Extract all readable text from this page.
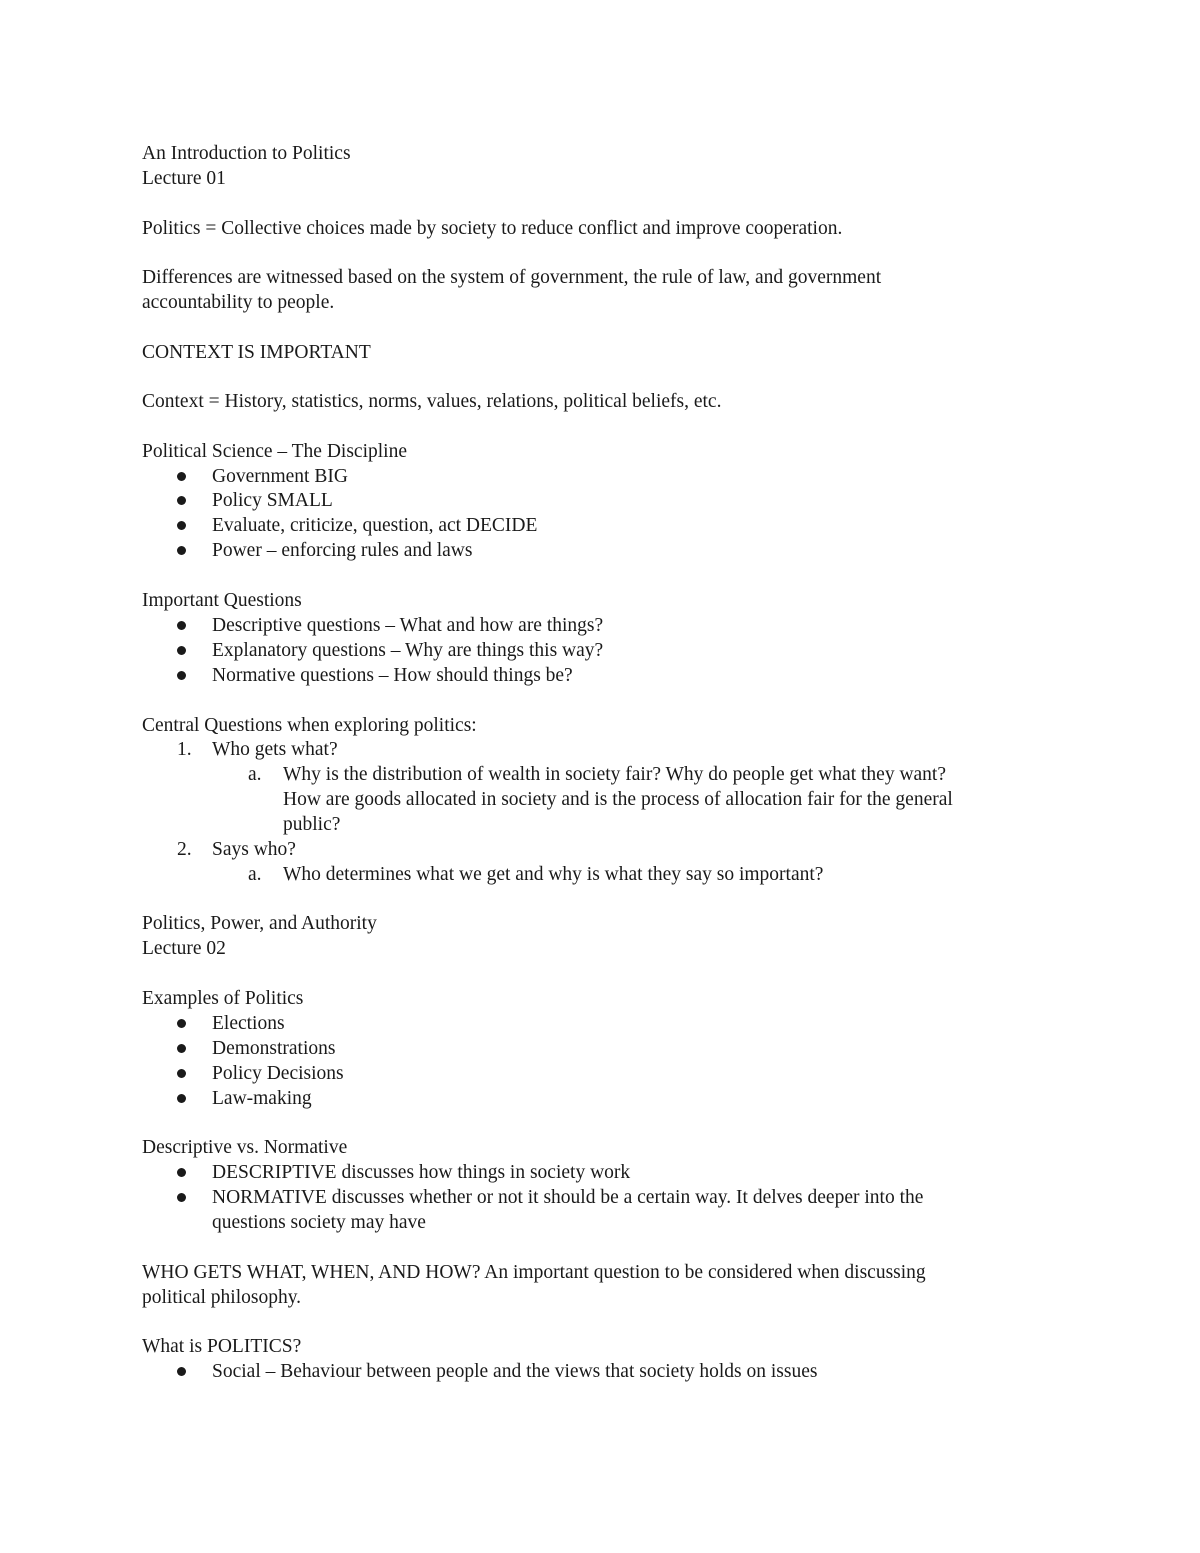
An Introduction to Politics
Lecture 01
Politics = Collective choices made by society to reduce conflict and improve cooperation.
Differences are witnessed based on the system of government, the rule of law, and government
accountability to people.
CONTEXT IS IMPORTANT
Context = History, statistics, norms, values, relations, political beliefs, etc.
Political Science – The Discipline
Government BIG
Policy SMALL
Evaluate, criticize, question, act DECIDE
Power – enforcing rules and laws
Important Questions
Descriptive questions – What and how are things?
Explanatory questions – Why are things this way?
Normative questions – How should things be?
Central Questions when exploring politics:
1. Who gets what?
a. Why is the distribution of wealth in society fair? Why do people get what they want?
How are goods allocated in society and is the process of allocation fair for the general
public?
2. Says who?
a. Who determines what we get and why is what they say so important?
Politics, Power, and Authority
Lecture 02
Examples of Politics
Elections
Demonstrations
Policy Decisions
Law-making
Descriptive vs. Normative
DESCRIPTIVE discusses how things in society work
NORMATIVE discusses whether or not it should be a certain way. It delves deeper into the
questions society may have
WHO GETS WHAT, WHEN, AND HOW? An important question to be considered when discussing
political philosophy.
What is POLITICS?
Social – Behaviour between people and the views that society holds on issues
